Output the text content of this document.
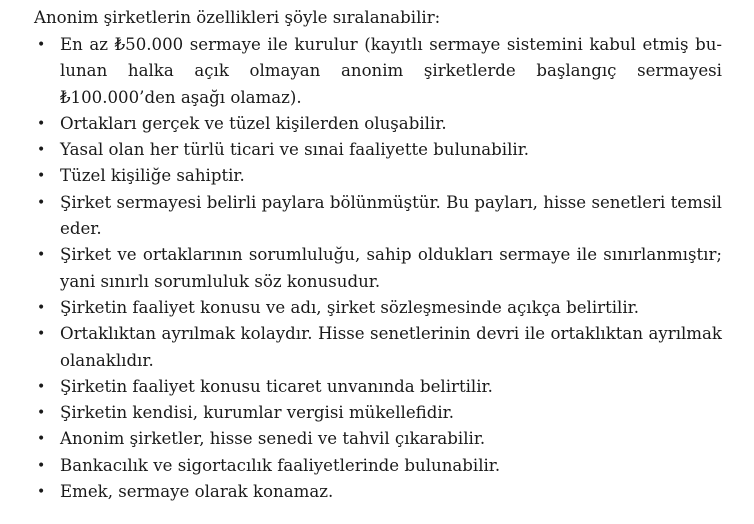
Anonim şirketlerin özellikleri şöyle sıralanabilir:

• En az ₺50.000 sermaye ile kurulur (kayıtlı sermaye sistemini kabul etmiş bulunan halka açık olmayan anonim şirketlerde başlangıç sermayesi ₺100.000’den aşağı olamaz).
• Ortakları gerçek ve tüzel kişilerden oluşabilir.
• Yasal olan her türlü ticari ve sınai faaliyette bulunabilir.
• Tüzel kişiliğe sahiptir.
• Şirket sermayesi belirli paylara bölünmüştür. Bu payları, hisse senetleri temsil eder.
• Şirket ve ortaklarının sorumluluğu, sahip oldukları sermaye ile sınırlanmıştır; yani sınırlı sorumluluk söz konusudur.
• Şirketin faaliyet konusu ve adı, şirket sözleşmesinde açıkça belirtilir.
• Ortaklıktan ayrılmak kolaydır. Hisse senetlerinin devri ile ortaklıktan ayrılmak olanaklıdır.
• Şirketin faaliyet konusu ticaret unvanında belirtilir.
• Şirketin kendisi, kurumlar vergisi mükellefidir.
• Anonim şirketler, hisse senedi ve tahvil çıkarabilir.
• Bankacılık ve sigortacılık faaliyetlerinde bulunabilir.
• Emek, sermaye olarak konamaz.
